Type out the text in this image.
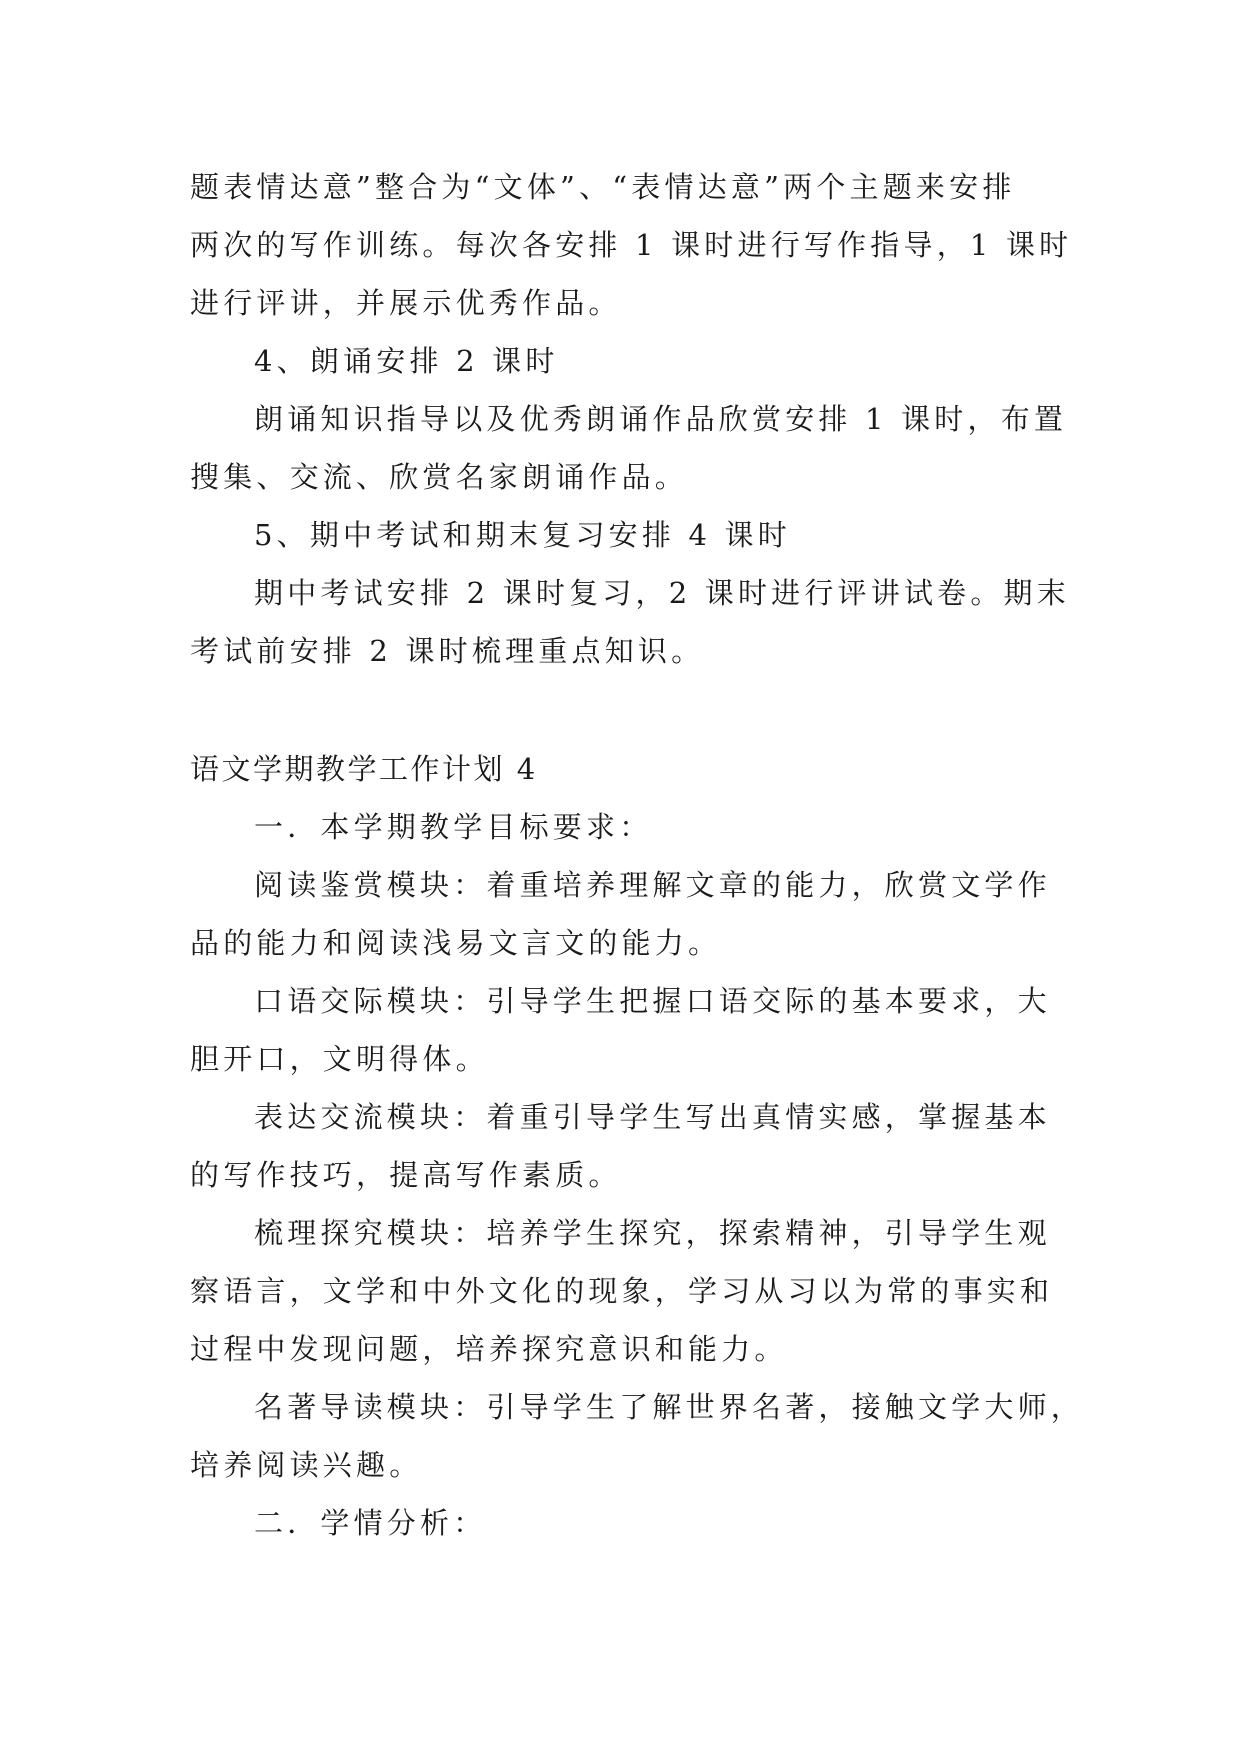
题表情达意”整合为“文体”、“表情达意”两个主题来安排
两次的写作训练。每次各安排 1 课时进行写作指导，1 课时
进行评讲，并展示优秀作品。
4、朗诵安排 2 课时
朗诵知识指导以及优秀朗诵作品欣赏安排 1 课时，布置
搜集、交流、欣赏名家朗诵作品。
5、期中考试和期末复习安排 4 课时
期中考试安排 2 课时复习，2 课时进行评讲试卷。期末
考试前安排 2 课时梳理重点知识。
语文学期教学工作计划 4
一．本学期教学目标要求：
阅读鉴赏模块：着重培养理解文章的能力，欣赏文学作
品的能力和阅读浅易文言文的能力。
口语交际模块：引导学生把握口语交际的基本要求，大
胆开口，文明得体。
表达交流模块：着重引导学生写出真情实感，掌握基本
的写作技巧，提高写作素质。
梳理探究模块：培养学生探究，探索精神，引导学生观
察语言，文学和中外文化的现象，学习从习以为常的事实和
过程中发现问题，培养探究意识和能力。
名著导读模块：引导学生了解世界名著，接触文学大师，
培养阅读兴趣。
二．学情分析：
